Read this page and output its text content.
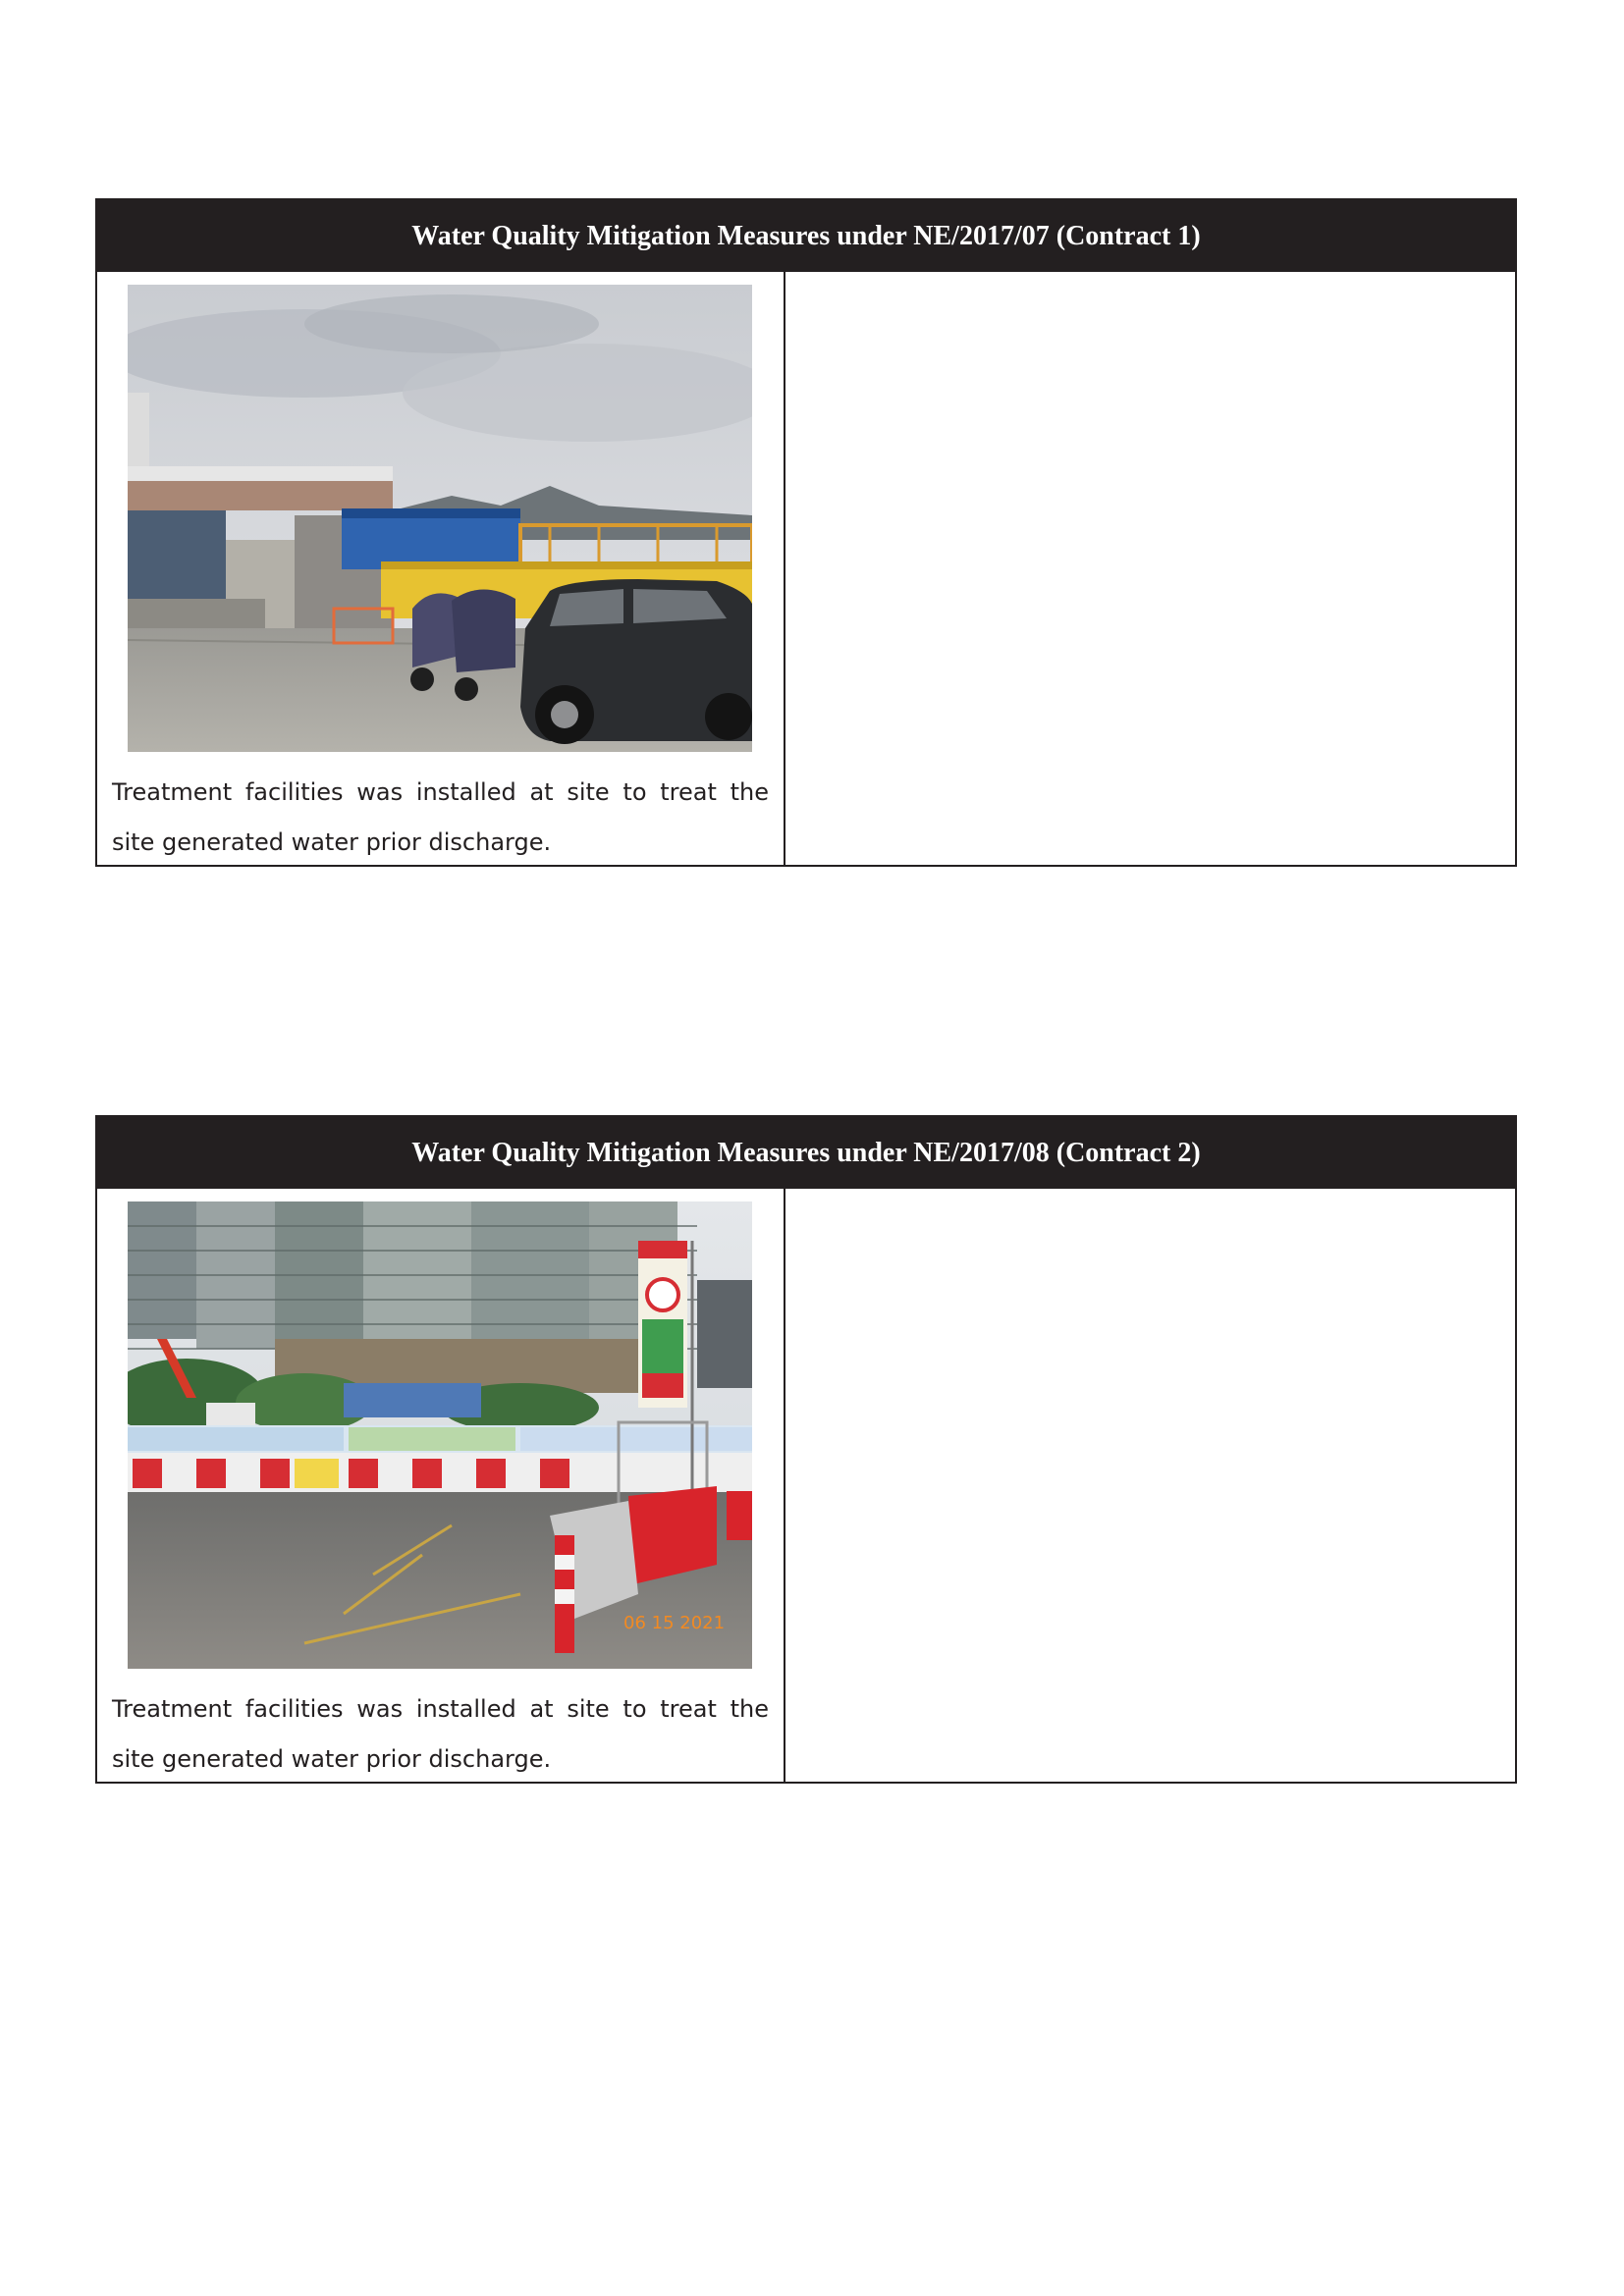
Water Quality Mitigation Measures under NE/2017/07 (Contract 1)
Treatment facilities was installed at site to treat the site generated water prior discharge.
Water Quality Mitigation Measures under NE/2017/08 (Contract 2)
06 15 2021
Treatment facilities was installed at site to treat the site generated water prior discharge.
